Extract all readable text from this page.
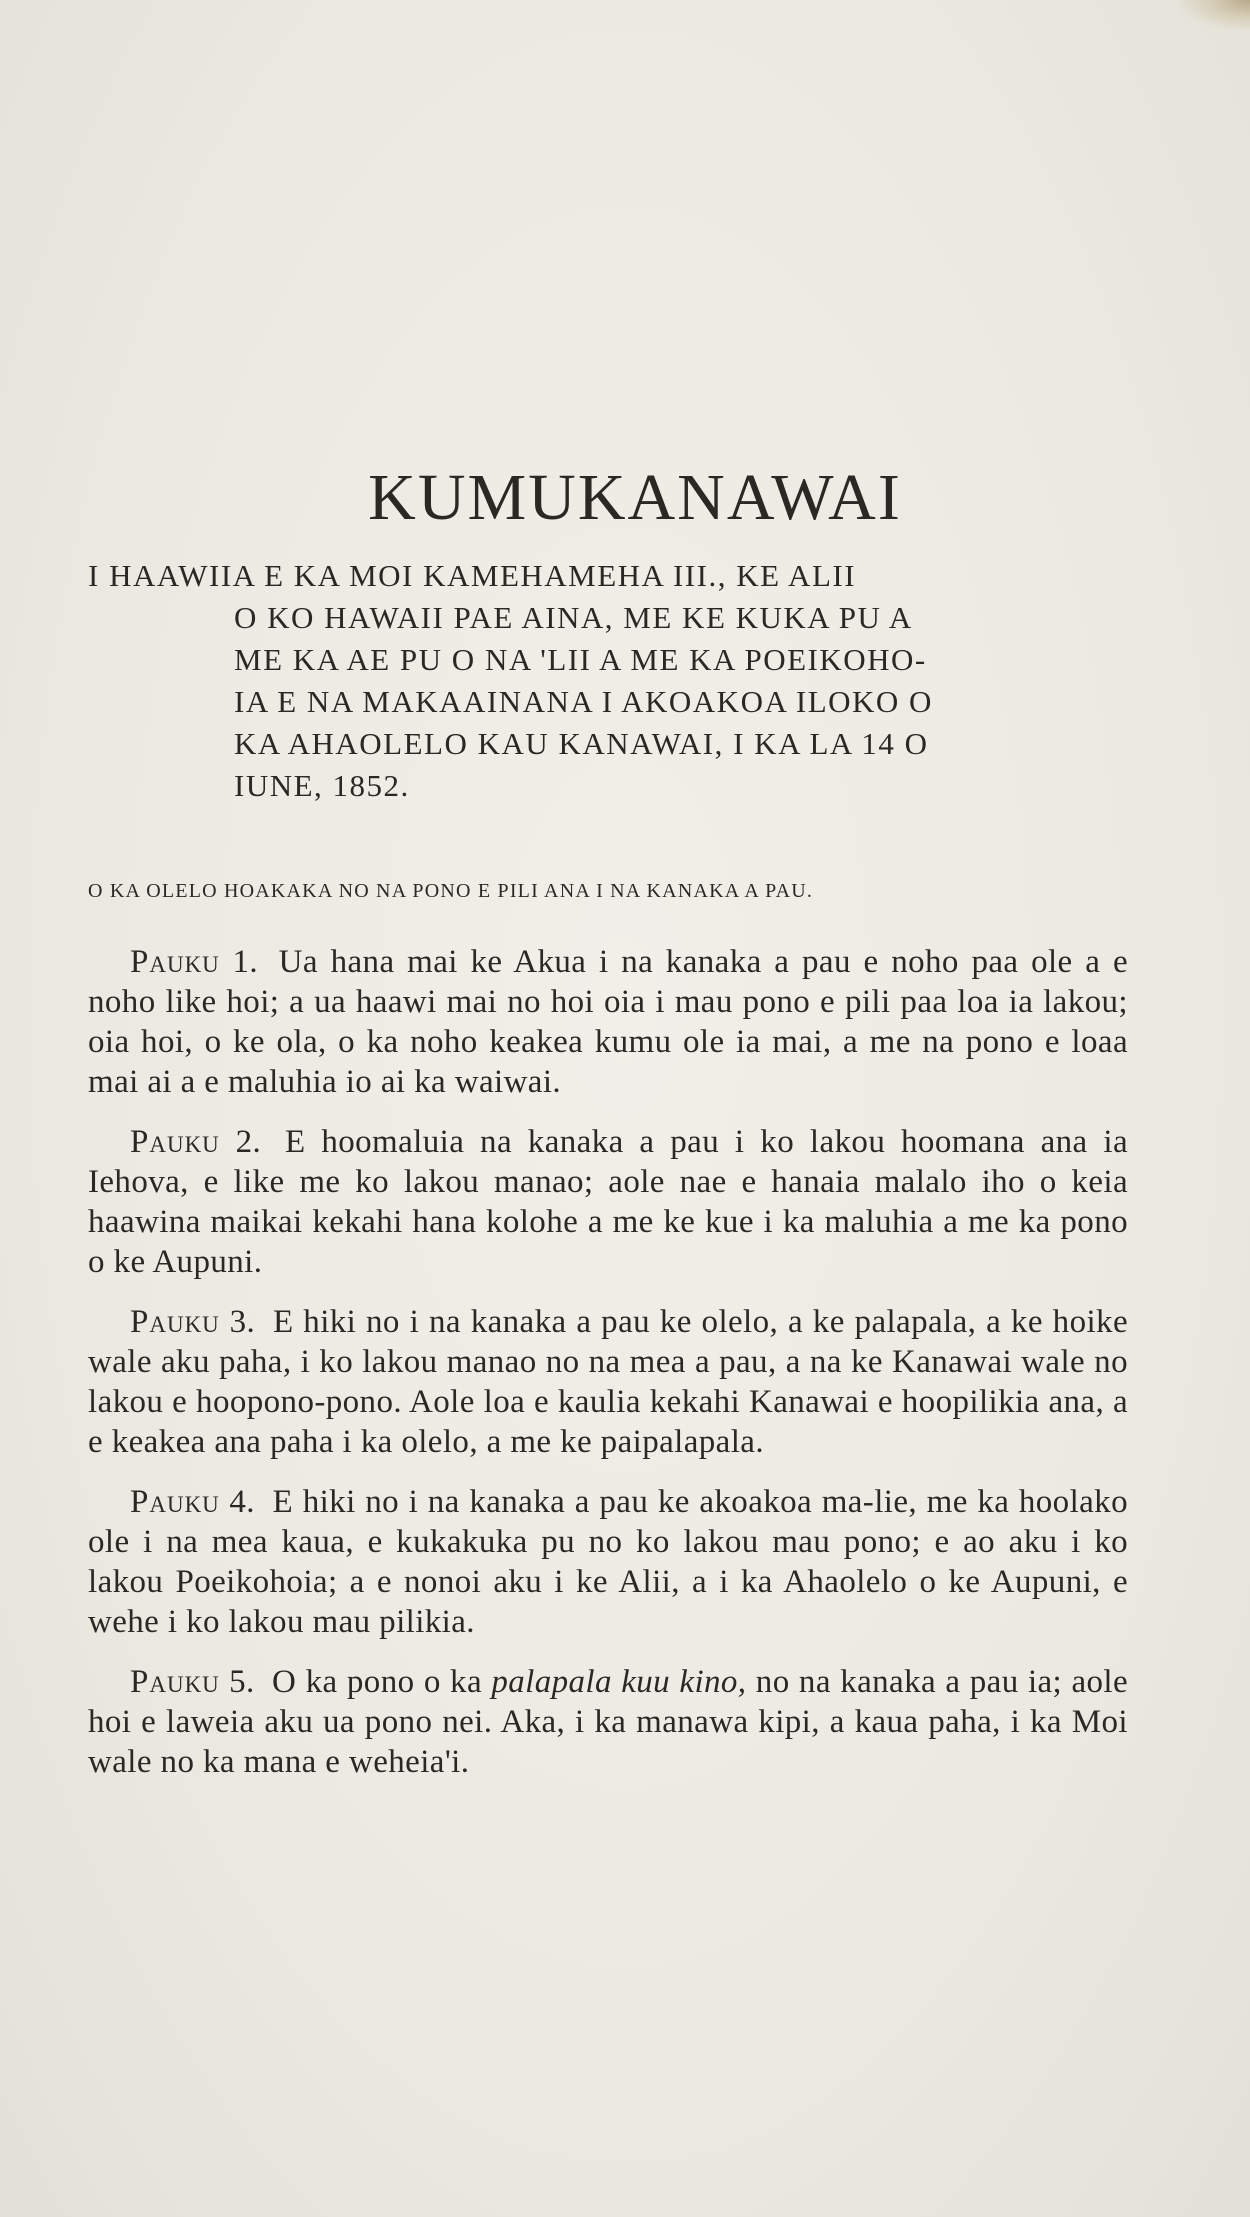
KUMUKANAWAI

I HAAWIIA E KA MOI KAMEHAMEHA III., KE ALII
O KO HAWAII PAE AINA, ME KE KUKA PU A
ME KA AE PU O NA 'LII A ME KA POEIKOHO-
IA E NA MAKAAINANA I AKOAKOA ILOKO O
KA AHAOLELO KAU KANAWAI, I KA LA 14 O
IUNE, 1852.

O KA OLELO HOAKAKA NO NA PONO E PILI ANA I NA KANAKA A PAU.

Pauku 1. Ua hana mai ke Akua i na kanaka a pau e noho paa ole a e noho like hoi; a ua haawi mai no hoi oia i mau pono e pili paa loa ia lakou; oia hoi, o ke ola, o ka noho keakea kumu ole ia mai, a me na pono e loaa mai ai a e maluhia io ai ka waiwai.

Pauku 2. E hoomaluia na kanaka a pau i ko lakou hoomana ana ia Iehova, e like me ko lakou manao; aole nae e hanaia malalo iho o keia haawina maikai kekahi hana kolohe a me ke kue i ka maluhia a me ka pono o ke Aupuni.

Pauku 3. E hiki no i na kanaka a pau ke olelo, a ke palapala, a ke hoike wale aku paha, i ko lakou manao no na mea a pau, a na ke Kanawai wale no lakou e hoopono-pono. Aole loa e kaulia kekahi Kanawai e hoopilikia ana, a e keakea ana paha i ka olelo, a me ke paipalapala.

Pauku 4. E hiki no i na kanaka a pau ke akoakoa ma-lie, me ka hoolako ole i na mea kaua, e kukakuka pu no ko lakou mau pono; e ao aku i ko lakou Poeikohoia; a e nonoi aku i ke Alii, a i ka Ahaolelo o ke Aupuni, e wehe i ko lakou mau pilikia.

Pauku 5. O ka pono o ka palapala kuu kino, no na kanaka a pau ia; aole hoi e laweia aku ua pono nei. Aka, i ka manawa kipi, a kaua paha, i ka Moi wale no ka mana e weheia'i.
